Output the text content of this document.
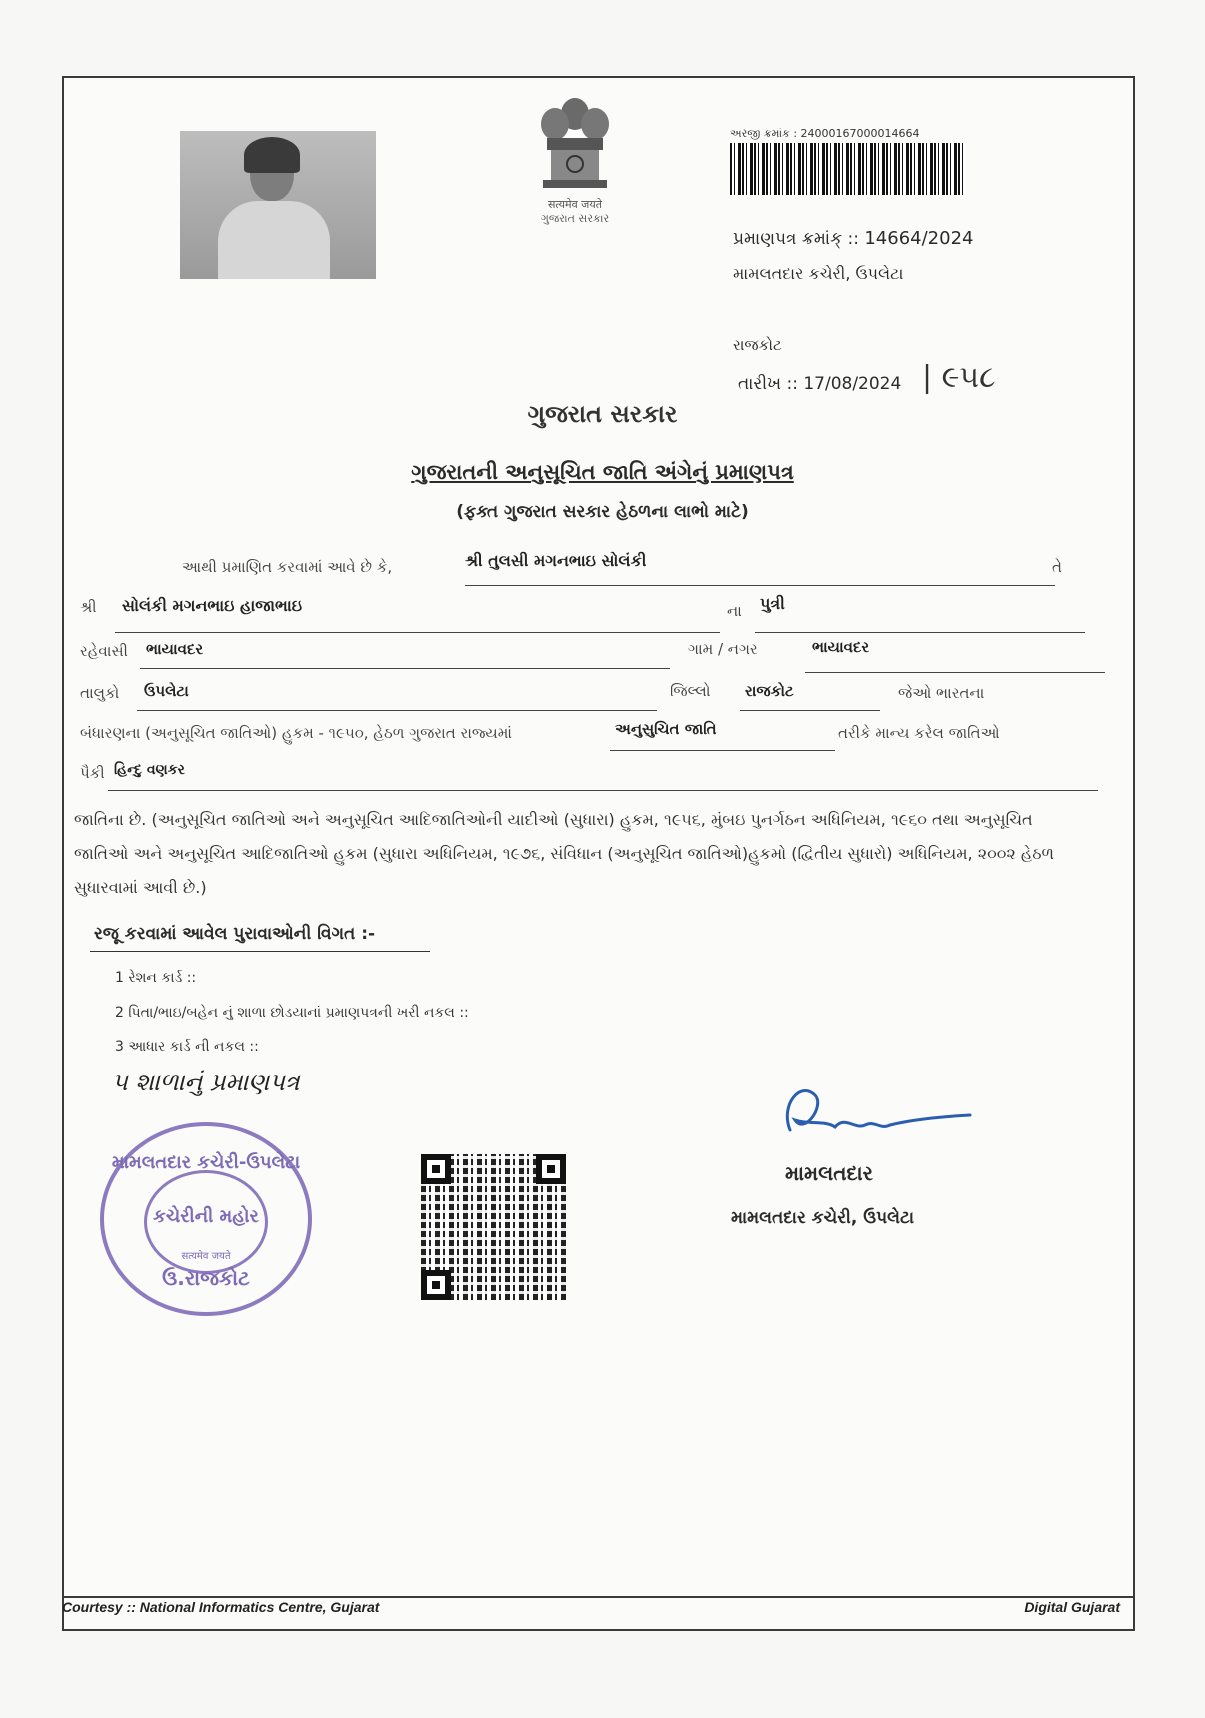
सत्यमेव जयते
ગુજરાત સરકાર
અરજી ક્રમાંક : 24000167000014664
પ્રમાણપત્ર ક્રમાંક્ :: 14664/2024
મામલતદાર કચેરી, ઉપલેટા
રાજકોટ
તારીખ :: 17/08/2024 | ૯૫૮
ગુજરાત સરકાર
ગુજરાતની અનુસૂચિત જાતિ અંગેનું પ્રમાણપત્ર
(ફક્ત ગુજરાત સરકાર હેઠળના લાભો માટે)
આથી પ્રમાણિત કરવામાં આવે છે કે,	શ્રી તુલસી મગનભાઇ સોલંકી	તે
શ્રી સોલંકી મગનભાઇ હાજાભાઇ	ના પુત્રી
રહેવાસી ભાયાવદર	ગામ / નગર	ભાયાવદર
તાલુકો ઉપલેટા	જિલ્લો રાજકોટ	જેઓ ભારતના
બંધારણના (અનુસૂચિત જાતિઓ) હુકમ - ૧૯૫૦, હેઠળ ગુજરાત રાજ્યમાં	અનુસુચિત જાતિ	તરીકે માન્ય કરેલ જાતિઓ
પૈકી હિન્દુ વણકર
જાતિના છે. (અનુસૂચિત જાતિઓ અને અનુસૂચિત આદિજાતિઓની યાદીઓ (સુધારા) હુકમ, ૧૯૫૬, મુંબઇ પુનર્ગઠન અધિનિયમ, ૧૯૬૦ તથા અનુસૂચિત જાતિઓ અને અનુસૂચિત આદિજાતિઓ હુકમ (સુધારા અધિનિયમ, ૧૯૭૬, સંવિધાન (અનુસૂચિત જાતિઓ)હુકમો (દ્વિતીય સુધારો) અધિનિયમ, ૨૦૦૨ હેઠળ સુધારવામાં આવી છે.)
રજૂ કરવામાં આવેલ પુરાવાઓની વિગત :-
1 રેશન કાર્ડ ::
2 પિતા/ભાઇ/બહેન નું શાળા છોડયાનાં પ્રમાણપત્રની ખરી નકલ ::
3 આધાર કાર્ડ ની નકલ ::
૫ શાળાનું પ્રમાણપત્ર
મામલતદાર કચેરી-ઉપલેટા
કચેરીની મહોર
सत्यमेव जयते
ઉ.રાજકોટ
મામલતદાર
મામલતદાર કચેરી, ઉપલેટા
Courtesy :: National Informatics Centre, Gujarat	Digital Gujarat
